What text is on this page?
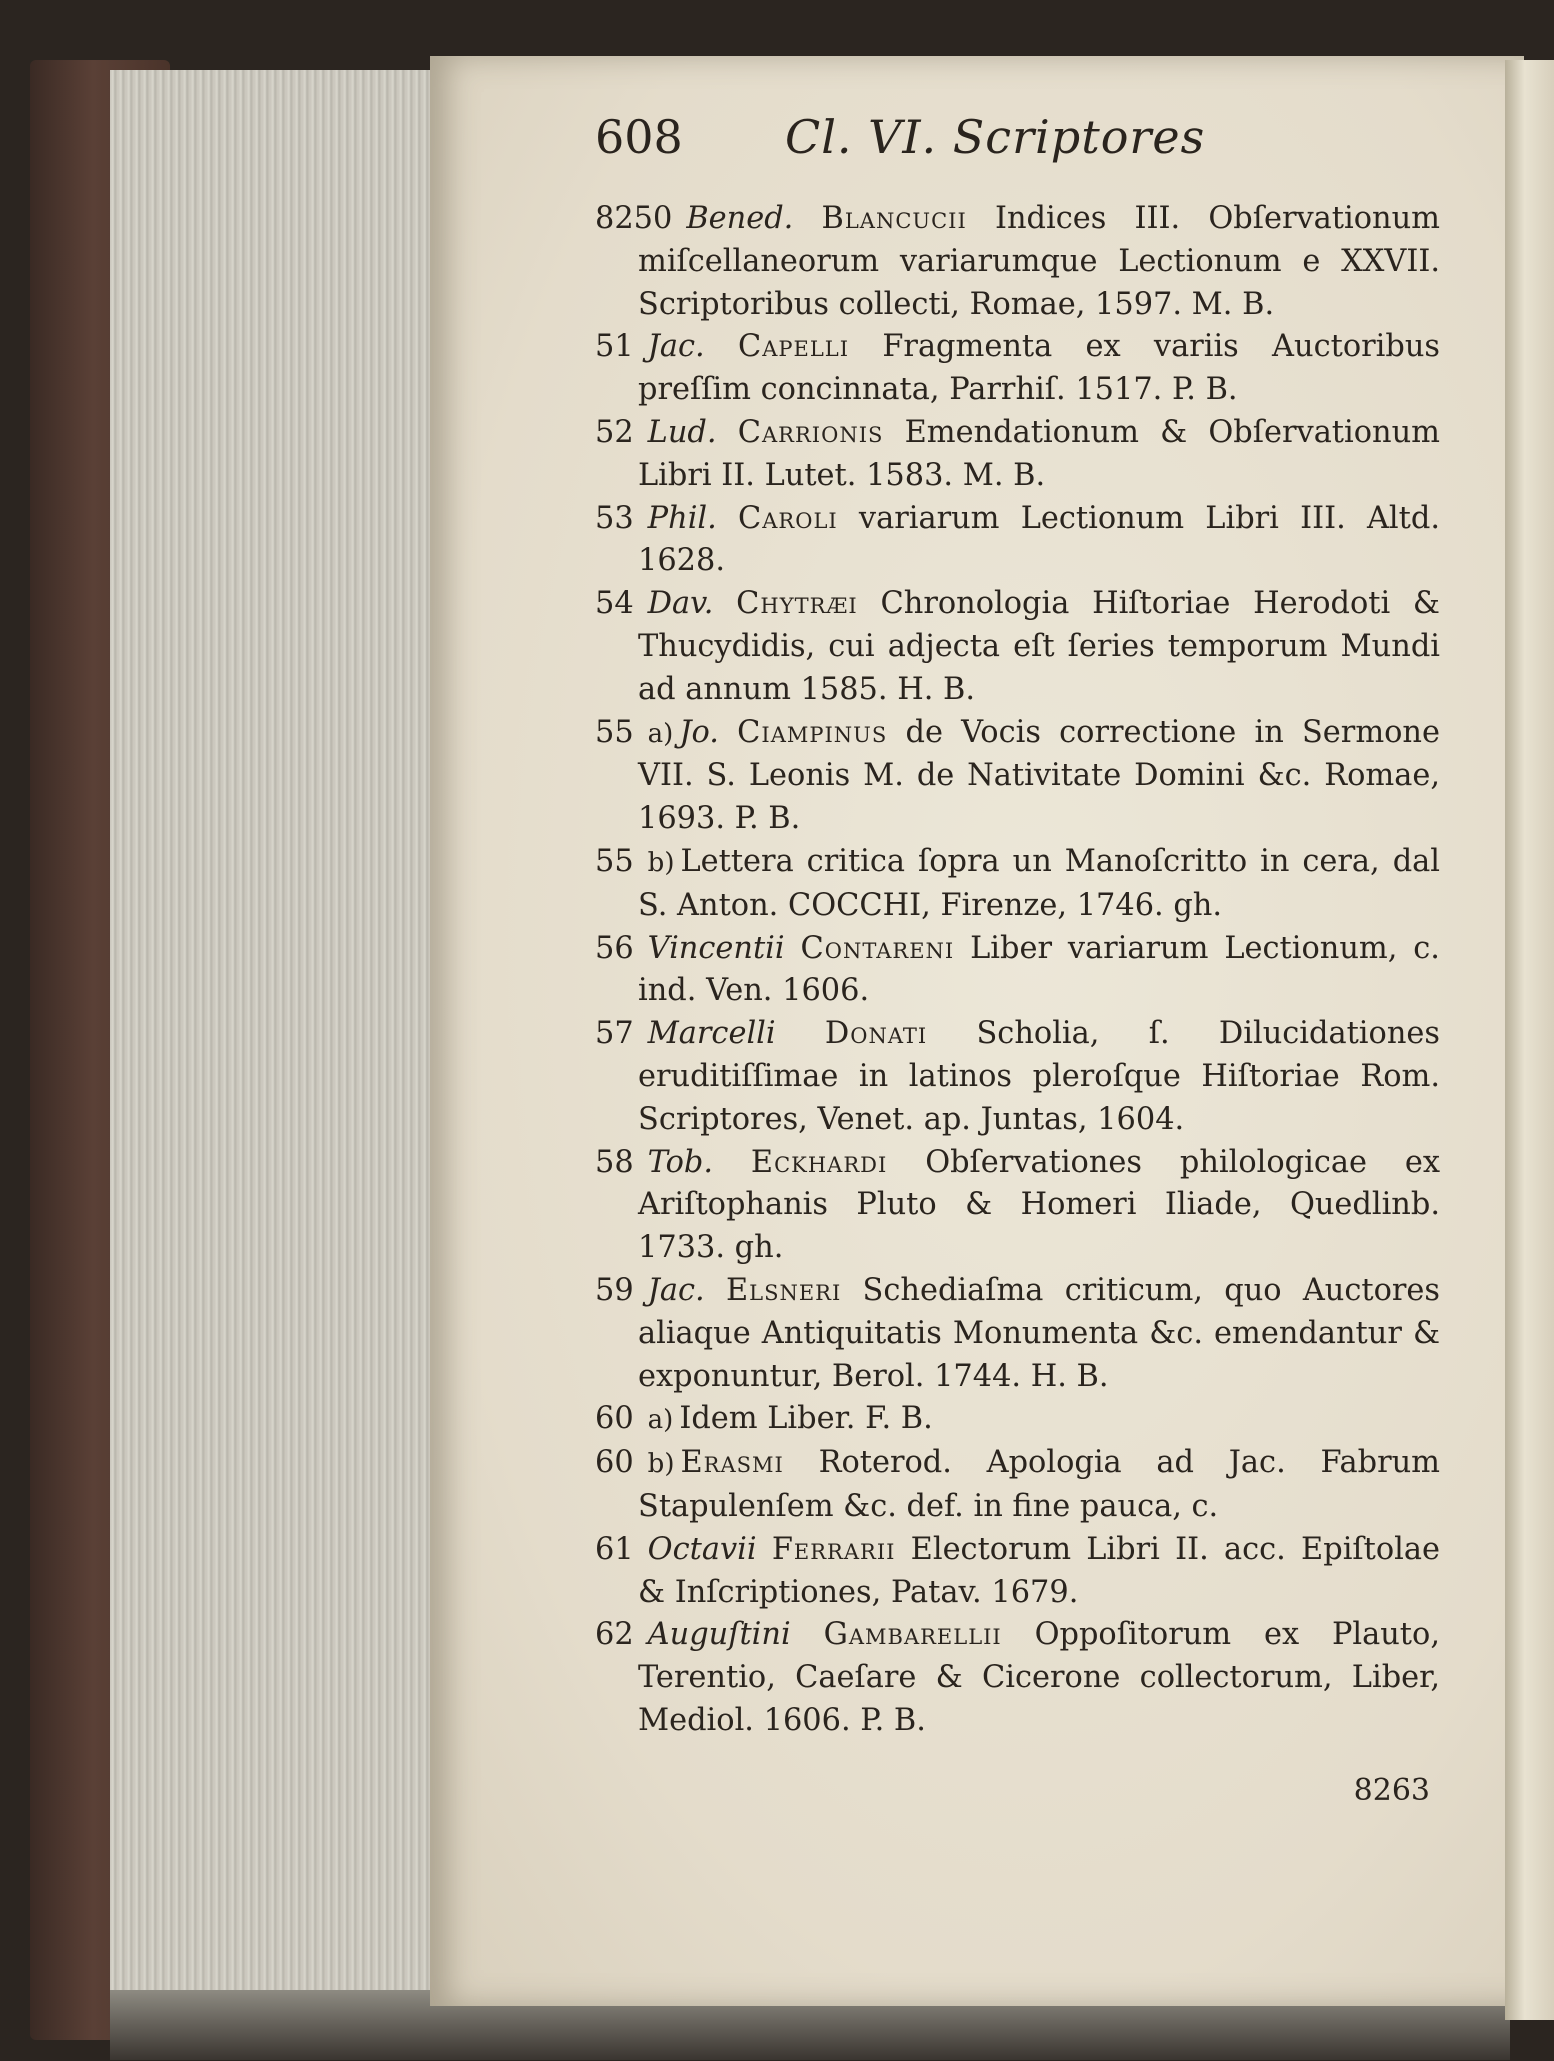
608	Cl. VI. Scriptores
8250 Bened. Blancucii Indices III. Obſervationum miſcellaneorum variarumque Lectionum e XXVII. Scriptoribus collecti, Romae, 1597. M. B.
51 Jac. Capelli Fragmenta ex variis Auctoribus preſſim concinnata, Parrhiſ. 1517. P. B.
52 Lud. Carrionis Emendationum & Obſervationum Libri II. Lutet. 1583. M. B.
53 Phil. Caroli variarum Lectionum Libri III. Altd. 1628.
54 Dav. Chytræi Chronologia Hiſtoriae Herodoti & Thucydidis, cui adjecta eſt ſeries temporum Mundi ad annum 1585. H. B.
55 a) Jo. Ciampinus de Vocis correctione in Sermone VII. S. Leonis M. de Nativitate Domini &c. Romae, 1693. P. B.
55 b) Lettera critica ſopra un Manoſcritto in cera, dal S. Anton. COCCHI, Firenze, 1746. gh.
56 Vincentii Contareni Liber variarum Lectionum, c. ind. Ven. 1606.
57 Marcelli Donati Scholia, ſ. Dilucidationes eruditiſſimae in latinos pleroſque Hiſtoriae Rom. Scriptores, Venet. ap. Juntas, 1604.
58 Tob. Eckhardi Obſervationes philologicae ex Ariſtophanis Pluto & Homeri Iliade, Quedlinb. 1733. gh.
59 Jac. Elsneri Schediaſma criticum, quo Auctores aliaque Antiquitatis Monumenta &c. emendantur & exponuntur, Berol. 1744. H. B.
60 a) Idem Liber. F. B.
60 b) Erasmi Roterod. Apologia ad Jac. Fabrum Stapulenſem &c. def. in fine pauca, c.
61 Octavii Ferrarii Electorum Libri II. acc. Epiſtolae & Inſcriptiones, Patav. 1679.
62 Auguſtini Gambarellii Oppoſitorum ex Plauto, Terentio, Caeſare & Cicerone collectorum, Liber, Mediol. 1606. P. B.
8263
